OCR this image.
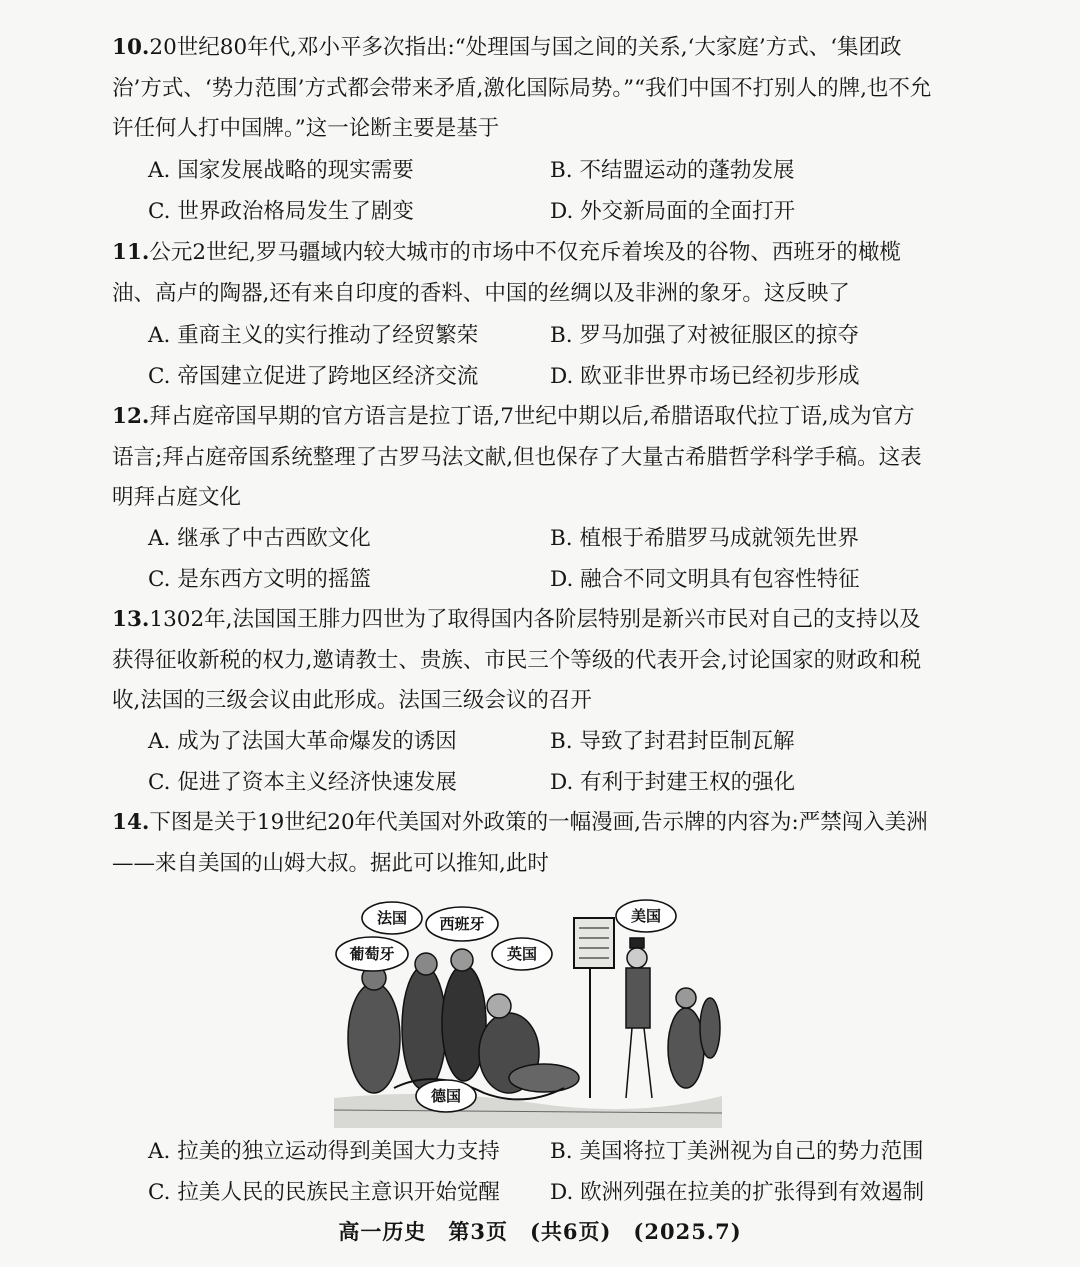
10.20世纪80年代,邓小平多次指出:“处理国与国之间的关系,‘大家庭’方式、‘集团政治’方式、‘势力范围’方式都会带来矛盾,激化国际局势。”“我们中国不打别人的牌,也不允许任何人打中国牌。”这一论断主要是基于
A. 国家发展战略的现实需要	B. 不结盟运动的蓬勃发展
C. 世界政治格局发生了剧变	D. 外交新局面的全面打开
11.公元2世纪,罗马疆域内较大城市的市场中不仅充斥着埃及的谷物、西班牙的橄榄油、高卢的陶器,还有来自印度的香料、中国的丝绸以及非洲的象牙。这反映了
A. 重商主义的实行推动了经贸繁荣	B. 罗马加强了对被征服区的掠夺
C. 帝国建立促进了跨地区经济交流	D. 欧亚非世界市场已经初步形成
12.拜占庭帝国早期的官方语言是拉丁语,7世纪中期以后,希腊语取代拉丁语,成为官方语言;拜占庭帝国系统整理了古罗马法文献,但也保存了大量古希腊哲学科学手稿。这表明拜占庭文化
A. 继承了中古西欧文化	B. 植根于希腊罗马成就领先世界
C. 是东西方文明的摇篮	D. 融合不同文明具有包容性特征
13.1302年,法国国王腓力四世为了取得国内各阶层特别是新兴市民对自己的支持以及获得征收新税的权力,邀请教士、贵族、市民三个等级的代表开会,讨论国家的财政和税收,法国的三级会议由此形成。法国三级会议的召开
A. 成为了法国大革命爆发的诱因	B. 导致了封君封臣制瓦解
C. 促进了资本主义经济快速发展	D. 有利于封建王权的强化
14.下图是关于19世纪20年代美国对外政策的一幅漫画,告示牌的内容为:严禁闯入美洲——来自美国的山姆大叔。据此可以推知,此时
法国 西班牙
葡萄牙	英国
美国
德国
A. 拉美的独立运动得到美国大力支持 B. 美国将拉丁美洲视为自己的势力范围
C. 拉美人民的民族民主意识开始觉醒 D. 欧洲列强在拉美的扩张得到有效遏制
高一历史　第3页　(共6页)　(2025.7)
